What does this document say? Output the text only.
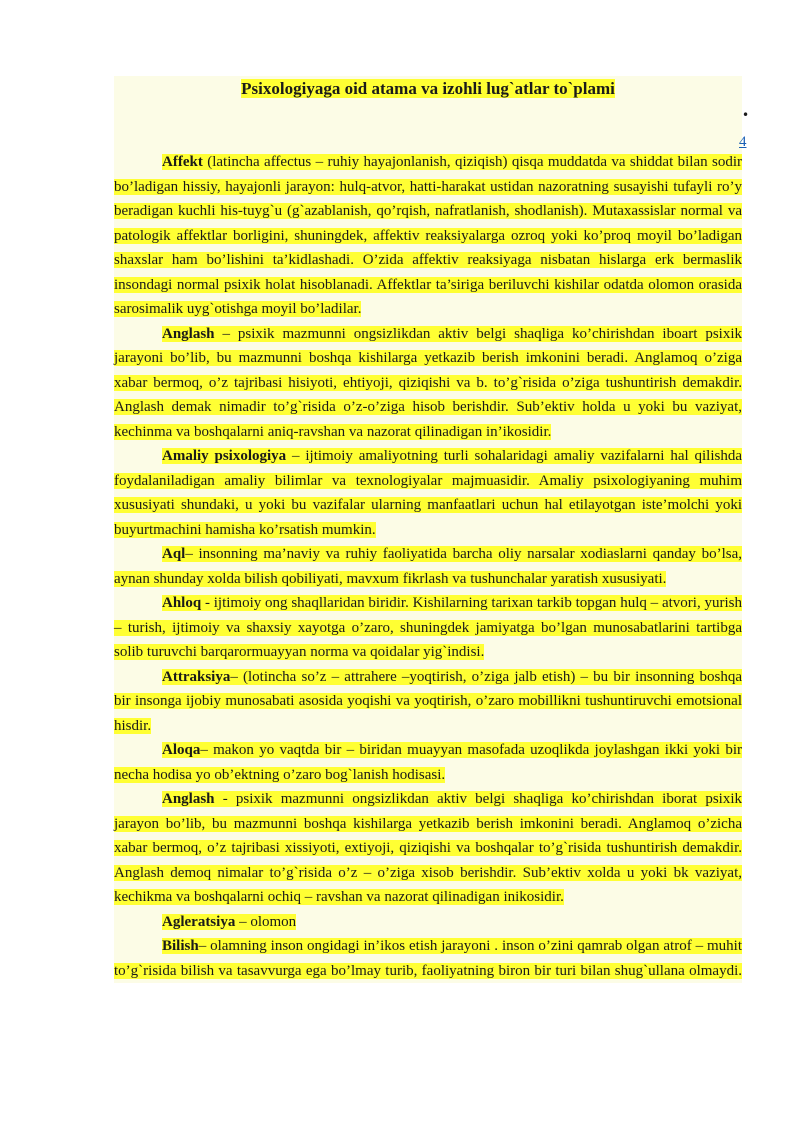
Psixologiyaga oid atama va izohli lug`atlar to`plami

Affekt (latincha affectus – ruhiy hayajonlanish, qiziqish) qisqa muddatda va shiddat bilan sodir bo’ladigan hissiy, hayajonli jarayon: hulq-atvor, hatti-harakat ustidan nazoratning susayishi tufayli ro’y beradigan kuchli his-tuyg`u (g`azablanish, qo’rqish, nafratlanish, shodlanish). Mutaxassislar normal va patologik affektlar borligini, shuningdek, affektiv reaksiyalarga ozroq yoki ko’proq moyil bo’ladigan shaxslar ham bo’lishini ta’kidlashadi. O’zida affektiv reaksiyaga nisbatan hislarga erk bermaslik insondagi normal psixik holat hisoblanadi. Affektlar ta’siriga beriluvchi kishilar odatda olomon orasida sarosimalik uyg`otishga moyil bo’ladilar.

Anglash – psixik mazmunni ongsizlikdan aktiv belgi shaqliga ko’chirishdan iboart psixik jarayoni bo’lib, bu mazmunni boshqa kishilarga yetkazib berish imkonini beradi. Anglamoq o’ziga xabar bermoq, o’z tajribasi hisiyoti, ehtiyoji, qiziqishi va b. to’g`risida o’ziga tushuntirish demakdir. Anglash demak nimadir to’g`risida o’z-o’ziga hisob berishdir. Sub’ektiv holda u yoki bu vaziyat, kechinma va boshqalarni aniq-ravshan va nazorat qilinadigan in’ikosidir.

Amaliy psixologiya – ijtimoiy amaliyotning turli sohalaridagi amaliy vazifalarni hal qilishda foydalaniladigan amaliy bilimlar va texnologiyalar majmuasidir. Amaliy psixologiyaning muhim xususiyati shundaki, u yoki bu vazifalar ularning manfaatlari uchun hal etilayotgan iste’molchi yoki buyurtmachini hamisha ko’rsatish mumkin.

Aql– insonning ma’naviy va ruhiy faoliyatida barcha oliy narsalar xodiaslarni qanday bo’lsa, aynan shunday xolda bilish qobiliyati, mavxum fikrlash va tushunchalar yaratish xususiyati.

Ahloq - ijtimoiy ong shaqllaridan biridir. Kishilarning tarixan tarkib topgan hulq – atvori, yurish – turish, ijtimoiy va shaxsiy xayotga o’zaro, shuningdek jamiyatga bo’lgan munosabatlarini tartibga solib turuvchi barqarormuayyan norma va qoidalar yig`indisi.

Attraksiya– (lotincha so’z – attrahere –yoqtirish, o’ziga jalb etish) – bu bir insonning boshqa bir insonga ijobiy munosabati asosida yoqishi va yoqtirish, o’zaro mobillikni tushuntiruvchi emotsional hisdir.

Aloqa– makon yo vaqtda bir – biridan muayyan masofada uzoqlikda joylashgan ikki yoki bir necha hodisa yo ob’ektning o’zaro bog`lanish hodisasi.

Anglash - psixik mazmunni ongsizlikdan aktiv belgi shaqliga ko’chirishdan iborat psixik jarayon bo’lib, bu mazmunni boshqa kishilarga yetkazib berish imkonini beradi. Anglamoq o’zicha xabar bermoq, o’z tajribasi xissiyoti, extiyoji, qiziqishi va boshqalar to’g`risida tushuntirish demakdir. Anglash demoq nimalar to’g`risida o’z – o’ziga xisob berishdir. Sub’ektiv xolda u yoki bk vaziyat, kechikma va boshqalarni ochiq – ravshan va nazorat qilinadigan inikosidir.

Agleratsiya – olomon

Bilish– olamning inson ongidagi in’ikos etish jarayoni . inson o’zini qamrab olgan atrof – muhit to’g`risida bilish va tasavvurga ega bo’lmay turib, faoliyatning biron bir turi bilan shug`ullana olmaydi.

•
4
